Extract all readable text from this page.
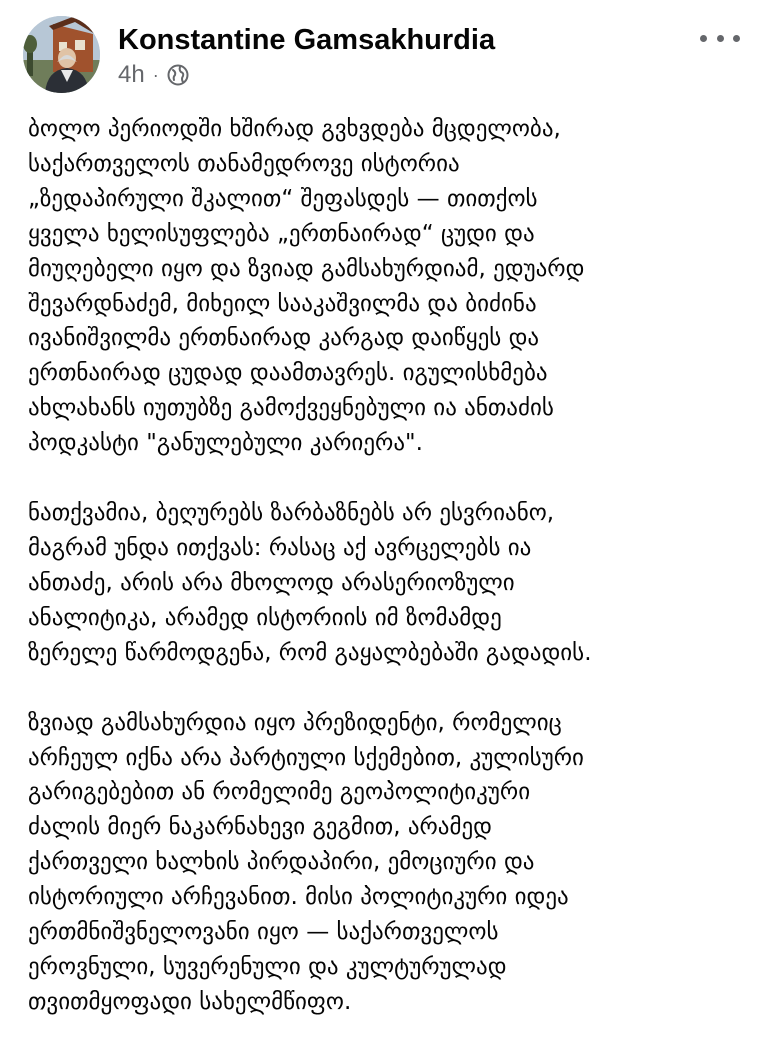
Konstantine Gamsakhurdia
4h ·

ბოლო პერიოდში ხშირად გვხვდება მცდელობა,
საქართველოს თანამედროვე ისტორია
„ზედაპირული შკალით“ შეფასდეს — თითქოს
ყველა ხელისუფლება „ერთნაირად“ ცუდი და
მიუღებელი იყო და ზვიად გამსახურდიამ, ედუარდ
შევარდნაძემ, მიხეილ სააკაშვილმა და ბიძინა
ივანიშვილმა ერთნაირად კარგად დაიწყეს და
ერთნაირად ცუდად დაამთავრეს. იგულისხმება
ახლახანს იუთუბზე გამოქვეყნებული ია ანთაძის
პოდკასტი "განულებული კარიერა".

ნათქვამია, ბეღურებს ზარბაზნებს არ ესვრიანო,
მაგრამ უნდა ითქვას: რასაც აქ ავრცელებს ია
ანთაძე, არის არა მხოლოდ არასერიოზული
ანალიტიკა, არამედ ისტორიის იმ ზომამდე
ზერელე წარმოდგენა, რომ გაყალბებაში გადადის.

ზვიად გამსახურდია იყო პრეზიდენტი, რომელიც
არჩეულ იქნა არა პარტიული სქემებით, კულისური
გარიგებებით ან რომელიმე გეოპოლიტიკური
ძალის მიერ ნაკარნახევი გეგმით, არამედ
ქართველი ხალხის პირდაპირი, ემოციური და
ისტორიული არჩევანით. მისი პოლიტიკური იდეა
ერთმნიშვნელოვანი იყო — საქართველოს
ეროვნული, სუვერენული და კულტურულად
თვითმყოფადი სახელმწიფო.
